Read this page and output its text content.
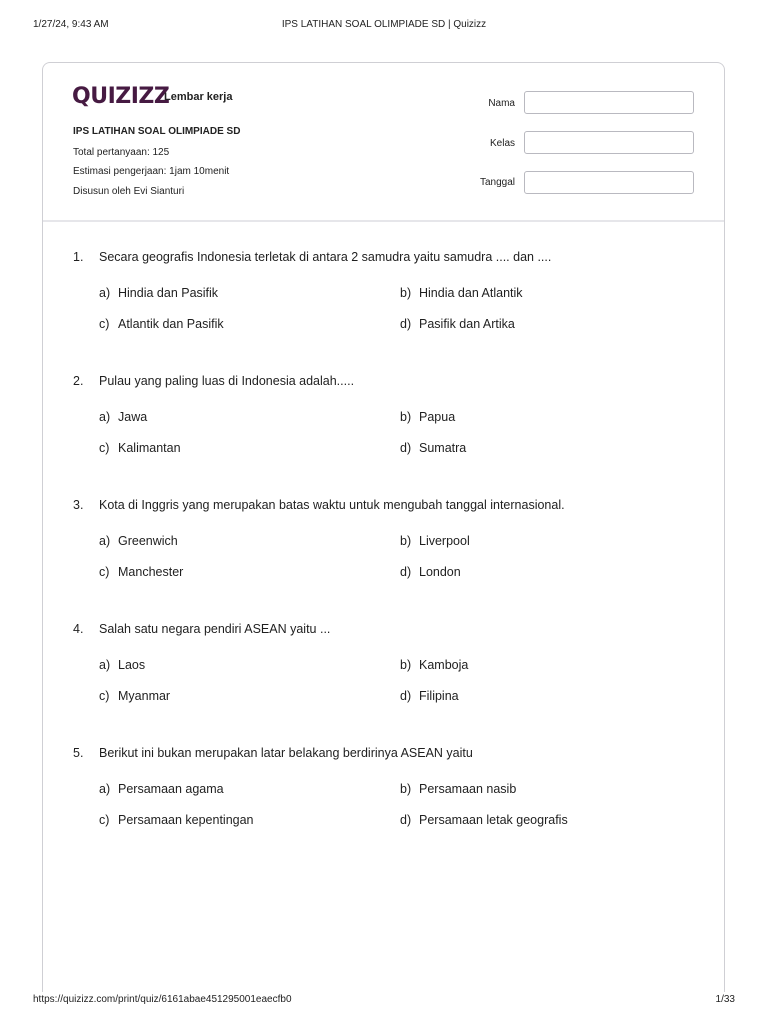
1/27/24, 9:43 AM	IPS LATIHAN SOAL OLIMPIADE SD | Quizizz
QUIZIZZ
Lembar kerja
IPS LATIHAN SOAL OLIMPIADE SD
Total pertanyaan: 125
Estimasi pengerjaan: 1jam 10menit
Disusun oleh Evi Sianturi
Nama
Kelas
Tanggal
1.	Secara geografis Indonesia terletak di antara 2 samudra yaitu samudra .... dan ....
a) Hindia dan Pasifik	b) Hindia dan Atlantik
c) Atlantik dan Pasifik	d) Pasifik dan Artika
2.	Pulau yang paling luas di Indonesia adalah.....
a) Jawa	b) Papua
c) Kalimantan	d) Sumatra
3.	Kota di Inggris yang merupakan batas waktu untuk mengubah tanggal internasional.
a) Greenwich	b) Liverpool
c) Manchester	d) London
4.	Salah satu negara pendiri ASEAN yaitu ...
a) Laos	b) Kamboja
c) Myanmar	d) Filipina
5.	Berikut ini bukan merupakan latar belakang berdirinya ASEAN yaitu
a) Persamaan agama	b) Persamaan nasib
c) Persamaan kepentingan	d) Persamaan letak geografis
https://quizizz.com/print/quiz/6161abae451295001eaecfb0	1/33
